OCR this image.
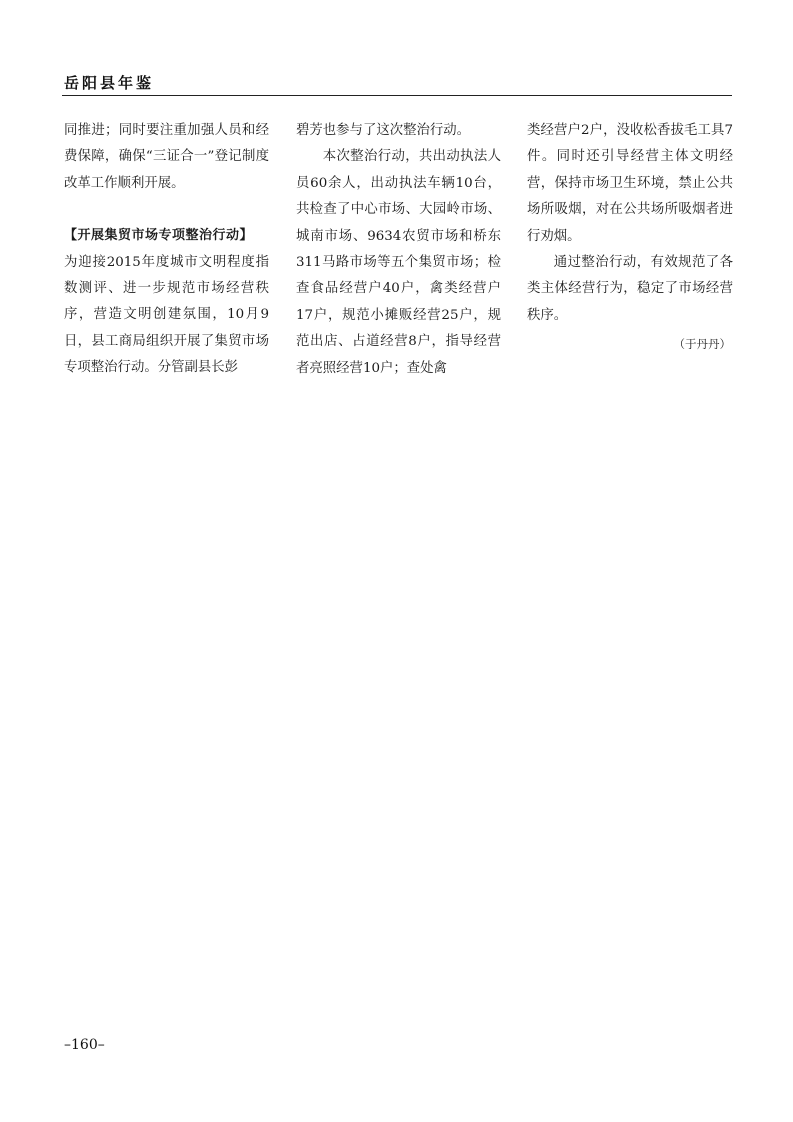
岳阳县年鉴

同推进；同时要注重加强人员和经费保障，确保“三证合一”登记制度改革工作顺利开展。

【开展集贸市场专项整治行动】

为迎接2015年度城市文明程度指数测评、进一步规范市场经营秩序，营造文明创建氛围，10月9日，县工商局组织开展了集贸市场专项整治行动。分管副县长彭

碧芳也参与了这次整治行动。

本次整治行动，共出动执法人员60余人，出动执法车辆10台，共检查了中心市场、大园岭市场、城南市场、9634农贸市场和桥东311马路市场等五个集贸市场；检查食品经营户40户，禽类经营户17户，规范小摊贩经营25户，规范出店、占道经营8户，指导经营者亮照经营10户；查处禽

类经营户2户，没收松香拔毛工具7件。同时还引导经营主体文明经营，保持市场卫生环境，禁止公共场所吸烟，对在公共场所吸烟者进行劝烟。

通过整治行动，有效规范了各类主体经营行为，稳定了市场经营秩序。

（于丹丹）

–160–
